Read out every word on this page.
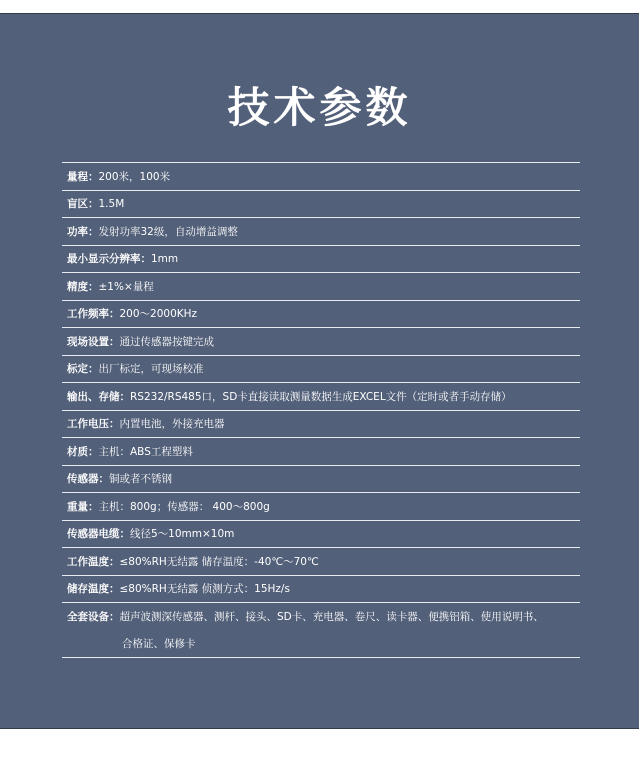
技术参数
量程： 200米，100米
盲区： 1.5M
功率： 发射功率32级，自动增益调整
最小显示分辨率： 1mm
精度： ±1%×量程
工作频率： 200～2000KHz
现场设置： 通过传感器按键完成
标定： 出厂标定，可现场校准
输出、存储： RS232/RS485口，SD卡直接读取测量数据生成EXCEL文件（定时或者手动存储）
工作电压： 内置电池，外接充电器
材质： 主机：ABS工程塑料
传感器： 铜或者不锈钢
重量： 主机：800g；传感器： 400～800g
传感器电缆： 线径5～10mm×10m
工作温度： ≤80%RH无结露 储存温度：-40℃～70℃
储存温度： ≤80%RH无结露 侦测方式：15Hz/s
全套设备： 超声波测深传感器、测杆、接头、SD卡、充电器、卷尺、读卡器、便携铝箱、使用说明书、
合格证、保修卡
